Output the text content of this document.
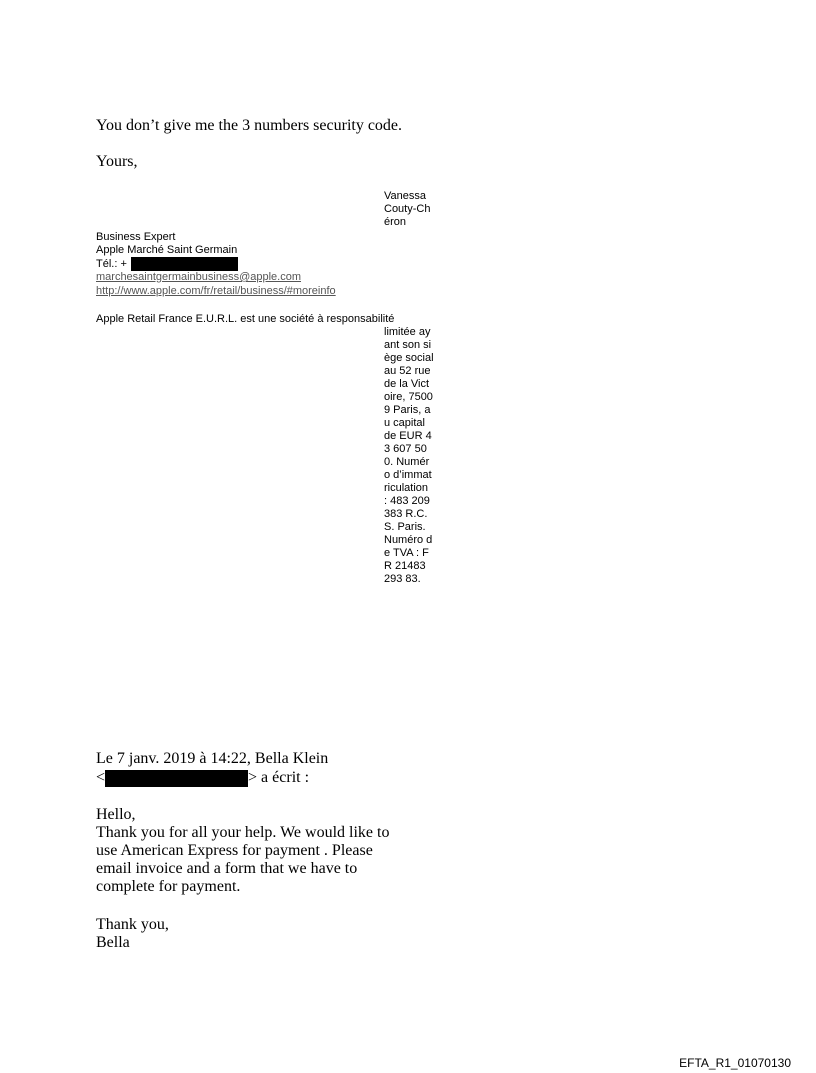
You don’t give me the 3 numbers security code.

Yours,

Vanessa Couty-Chéron
Business Expert
Apple Marché Saint Germain
Tél.: +
marchesaintgermainbusiness@apple.com
http://www.apple.com/fr/retail/business/#moreinfo
Apple Retail France E.U.R.L. est une société à responsabilité
limitée ayant son siège social au 52 rue de la Victoire, 75009 Paris, au capital de EUR 43 607 500. Numéro d’immatriculation : 483 209 383 R.C.S. Paris. Numéro de TVA : FR 21483 293 83.

Le 7 janv. 2019 à 14:22, Bella Klein

<	> a écrit :

Hello,

Thank you for all your help. We would like to use American Express for payment . Please email invoice and a form that we have to complete for payment.

Thank you,

Bella

EFTA_R1_01070130
